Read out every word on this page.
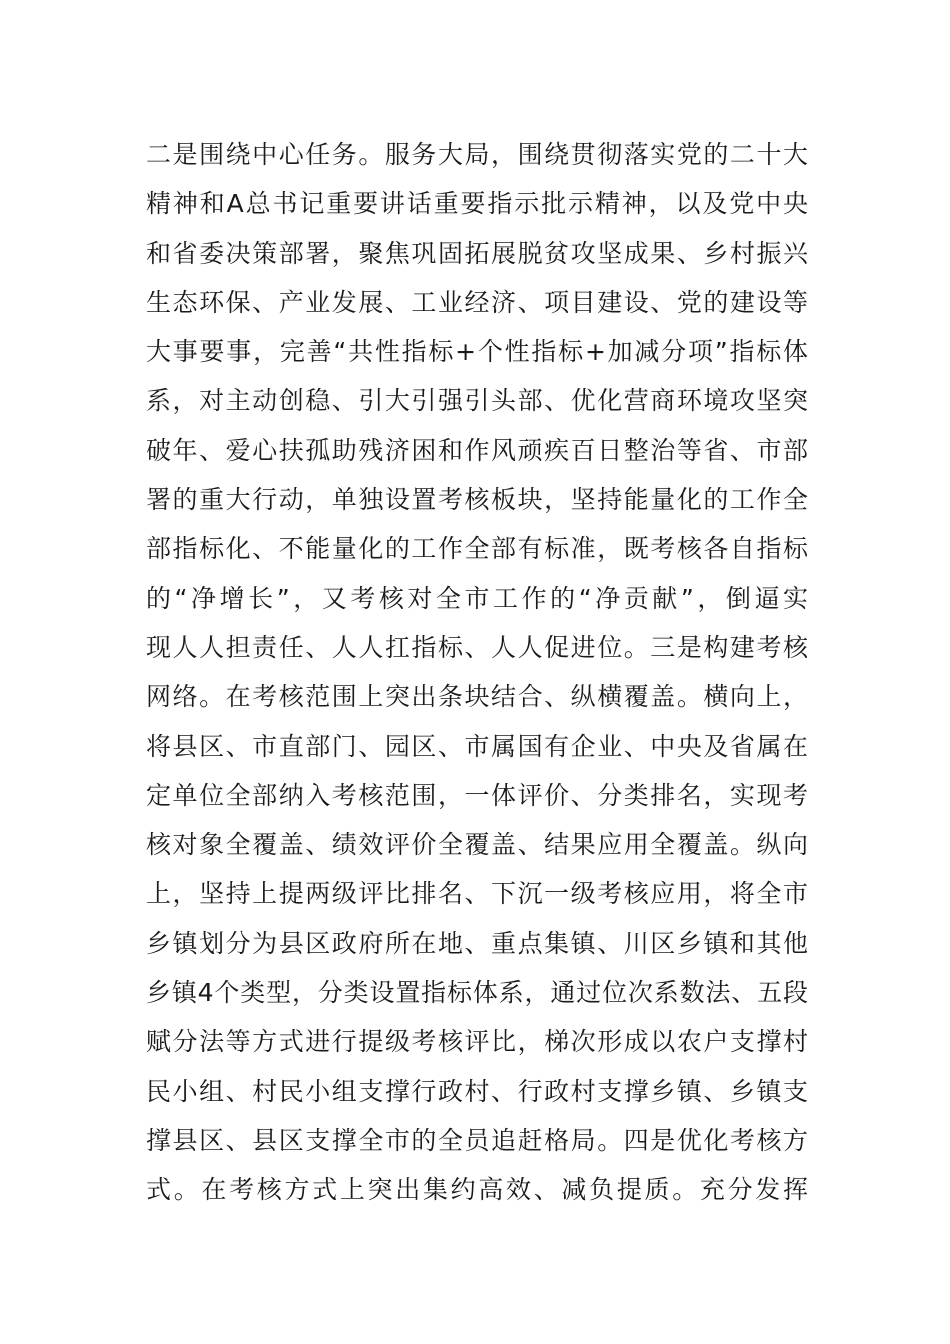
二是围绕中心任务。服务大局，围绕贯彻落实党的二十大
精神和A总书记重要讲话重要指示批示精神，以及党中央
和省委决策部署，聚焦巩固拓展脱贫攻坚成果、乡村振兴
生态环保、产业发展、工业经济、项目建设、党的建设等
大事要事，完善“共性指标+个性指标+加减分项”指标体
系，对主动创稳、引大引强引头部、优化营商环境攻坚突
破年、爱心扶孤助残济困和作风顽疾百日整治等省、市部
署的重大行动，单独设置考核板块，坚持能量化的工作全
部指标化、不能量化的工作全部有标准，既考核各自指标
的“净增长”，又考核对全市工作的“净贡献”，倒逼实
现人人担责任、人人扛指标、人人促进位。三是构建考核
网络。在考核范围上突出条块结合、纵横覆盖。横向上，
将县区、市直部门、园区、市属国有企业、中央及省属在
定单位全部纳入考核范围，一体评价、分类排名，实现考
核对象全覆盖、绩效评价全覆盖、结果应用全覆盖。纵向
上，坚持上提两级评比排名、下沉一级考核应用，将全市
乡镇划分为县区政府所在地、重点集镇、川区乡镇和其他
乡镇4个类型，分类设置指标体系，通过位次系数法、五段
赋分法等方式进行提级考核评比，梯次形成以农户支撑村
民小组、村民小组支撑行政村、行政村支撑乡镇、乡镇支
撑县区、县区支撑全市的全员追赶格局。四是优化考核方
式。在考核方式上突出集约高效、减负提质。充分发挥
